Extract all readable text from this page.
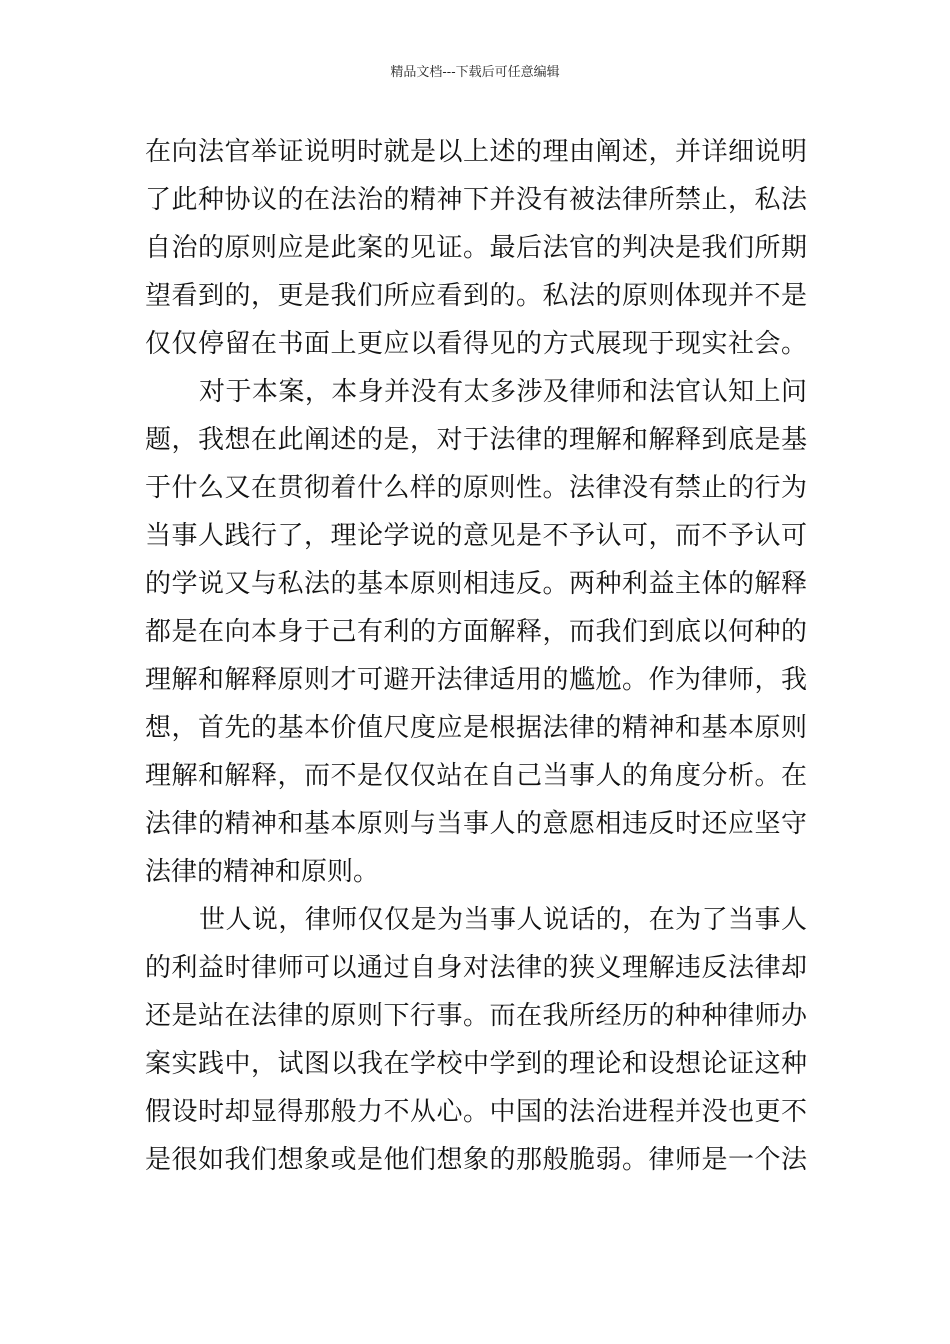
精品文档---下载后可任意编辑
在向法官举证说明时就是以上述的理由阐述，并详细说明
了此种协议的在法治的精神下并没有被法律所禁止，私法
自治的原则应是此案的见证。最后法官的判决是我们所期
望看到的，更是我们所应看到的。私法的原则体现并不是
仅仅停留在书面上更应以看得见的方式展现于现实社会。
对于本案，本身并没有太多涉及律师和法官认知上问
题，我想在此阐述的是，对于法律的理解和解释到底是基
于什么又在贯彻着什么样的原则性。法律没有禁止的行为
当事人践行了，理论学说的意见是不予认可，而不予认可
的学说又与私法的基本原则相违反。两种利益主体的解释
都是在向本身于己有利的方面解释，而我们到底以何种的
理解和解释原则才可避开法律适用的尴尬。作为律师，我
想，首先的基本价值尺度应是根据法律的精神和基本原则
理解和解释，而不是仅仅站在自己当事人的角度分析。在
法律的精神和基本原则与当事人的意愿相违反时还应坚守
法律的精神和原则。
世人说，律师仅仅是为当事人说话的，在为了当事人
的利益时律师可以通过自身对法律的狭义理解违反法律却
还是站在法律的原则下行事。而在我所经历的种种律师办
案实践中，试图以我在学校中学到的理论和设想论证这种
假设时却显得那般力不从心。中国的法治进程并没也更不
是很如我们想象或是他们想象的那般脆弱。律师是一个法
